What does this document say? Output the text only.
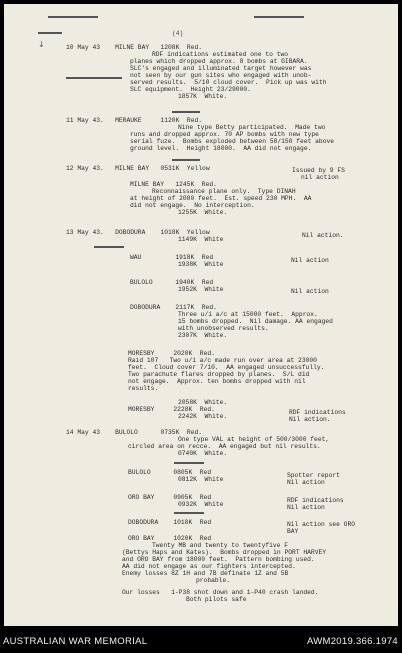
(4)
↓	10 May 43    MILNE BAY   1208K  Red.
RDF indications estimated one to two
planes which dropped approx. 8 bombs at GIBARA.
SLC's engaged and illuminated target however was
not seen by our gun sites who engaged with unob-
served results.  5/10 cloud cover.  Pick up was with
SLC equipment.  Height 23/29000.
1857K  White.
11 May 43.   MERAUKE     1120K  Red.
Nine type Betty participated.  Made two
runs and dropped approx. 70 AP bombs with new type
serial fuze.  Bombs exploded between 50/150 feet above
ground level.  Height 18000.  AA did not engage.
12 May 43.   MILNE BAY   0531K  Yellow	Issued by 9 FS
nil action
MILNE BAY   1245K  Red.
Reconnaissance plane only.  Type DINAH
at height of 2000 feet.  Est. speed 230 MPH.  AA
did not engage.  No interception.
1255K  White.
13 May 43.   DOBODURA    1018K  Yellow	Nil action.
1149K  White
WAU         1918K  Red	Nil action
1938K  White
BULOLO      1940K  Red
1952K  White	Nil action
DOBODURA    2117K  Red.
Three u/i a/c at 15000 feet.  Approx.
15 bombs dropped.  Nil damage. AA engaged
with unobserved results.
2307K  White.
MORESBY     2020K  Red.
Raid 107   Two u/i a/c made run over area at 23000
feet.  Cloud cover 7/10.  AA engaged unsuccessfully.
Two parachute flares dropped by planes.  S/L did
not engage.  Approx. ten bombs dropped with nil
results.
2058K  White.
MORESBY     2228K  Red.	RDF indications
2242K  White.	Nil action.
14 May 43    BULOLO      0735K  Red.
One type VAL at height of 500/3000 feet,
circled area on recce.  AA engaged but nil results.
0740K  White.
BULOLO      0805K  Red	Spotter report
0812K  White	Nil action
ORO BAY     0905K  Red	RDF indications
0932K  White	Nil action
DOBODURA    1018K  Red	Nil action see ORO
BAY
ORO BAY     1020K  Red
Twenty MB and twenty to twentyfive F
(Bettys Haps and Kates).  Bombs dropped in PORT HARVEY
and ORO BAY from 18000 feet.  Pattern bombing used.
AA did not engage as our fighters intercepted.
Enemy losses 8Z 1H and 7B definate 1Z and 5B
probable.
Our losses   1-P38 shot down and 1-P40 crash landed.
Both pilots safe
AUSTRALIAN WAR MEMORIAL	AWM2019.366.1974
